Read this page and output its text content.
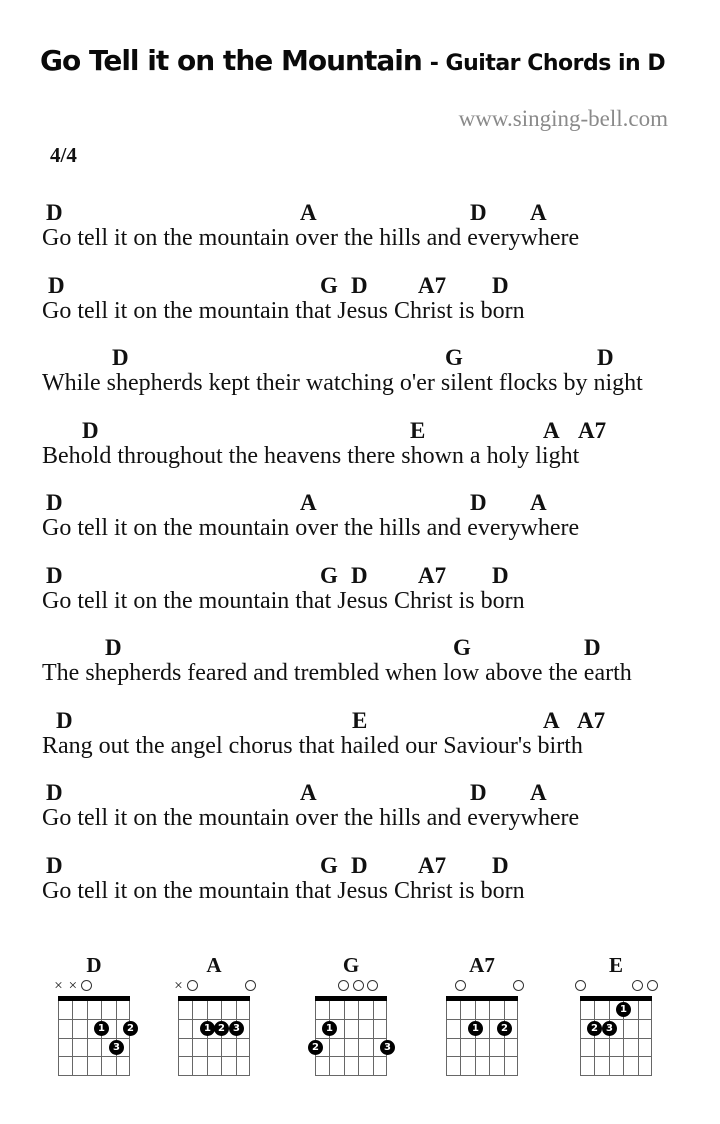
Go Tell it on the Mountain - Guitar Chords in D
www.singing-bell.com
4/4
D	A	D A
Go tell it on the mountain over the hills and everywhere
D	G D A7 D
Go tell it on the mountain that Jesus Christ is born
D	G	D
While shepherds kept their watching o'er silent flocks by night
D	E	A A7
Behold throughout the heavens there shown a holy light
D	A	D A
Go tell it on the mountain over the hills and everywhere
D	G D A7 D
Go tell it on the mountain that Jesus Christ is born
D	G	D
The shepherds feared and trembled when low above the earth
D	E	A A7
Rang out the angel chorus that hailed our Saviour's birth
D	A	D A
Go tell it on the mountain over the hills and everywhere
D	G D A7 D
Go tell it on the mountain that Jesus Christ is born
D
× ×
1	2
3
A
×
1 2 3
G
1
2	3
A7
1	2
E
1
2 3
